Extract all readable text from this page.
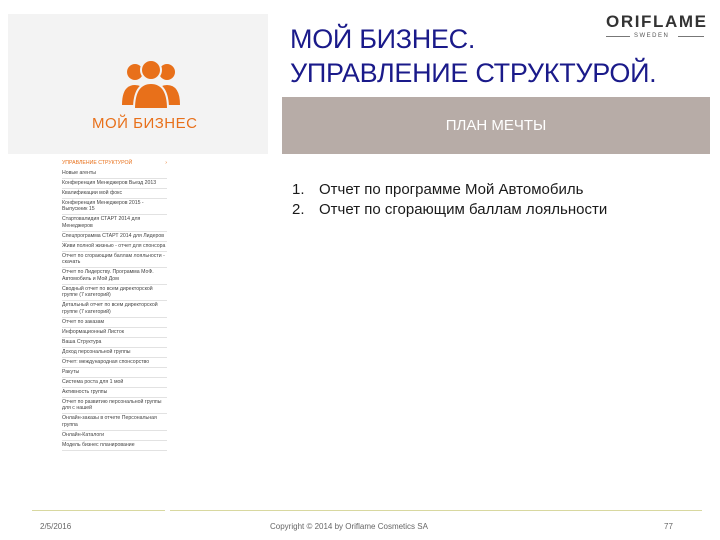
МОЙ БИЗНЕС
УПРАВЛЕНИЕ СТРУКТУРОЙ	›
Новые агенты
Конференция Менеджеров Вьезд 2013
Квалификации мой фокс
Конференция Менеджеров 2015 - Выпускник 15
Стартовалидия СТАРТ 2014 для Менеджеров
Спецпрограмма СТАРТ 2014 для Лидеров
Живи полной жизнью - отчет для спонсора
Отчет по сгорающим баллам лояльности - скачать
Отчет по Лидерству. Программа МоФ. Автомобиль и Мой Дом
Сводный отчет по всем директорской группе (7 категорий)
Детальный отчет по всем директорской группе (7 категорий)
Отчет по заказам
Информационный Листок
Ваша Структура
Доход персональной группы
Отчет: международная спонсорство
Ракуты
Система роста для 1 мой
Активность группы
Отчет по развитию персональной группы для с нашей
Онлайн-заказы в отчете Персональная группа
Онлайн-Каталоги
Модель бизнес планирование
МОЙ БИЗНЕС.
УПРАВЛЕНИЕ СТРУКТУРОЙ.
ORIFLAME
SWEDEN
ПЛАН МЕЧТЫ
1. Отчет по программе Мой Автомобиль
2. Отчет по сгорающим баллам лояльности
2/5/2016	Copyright © 2014 by Oriflame Cosmetics SA	77
